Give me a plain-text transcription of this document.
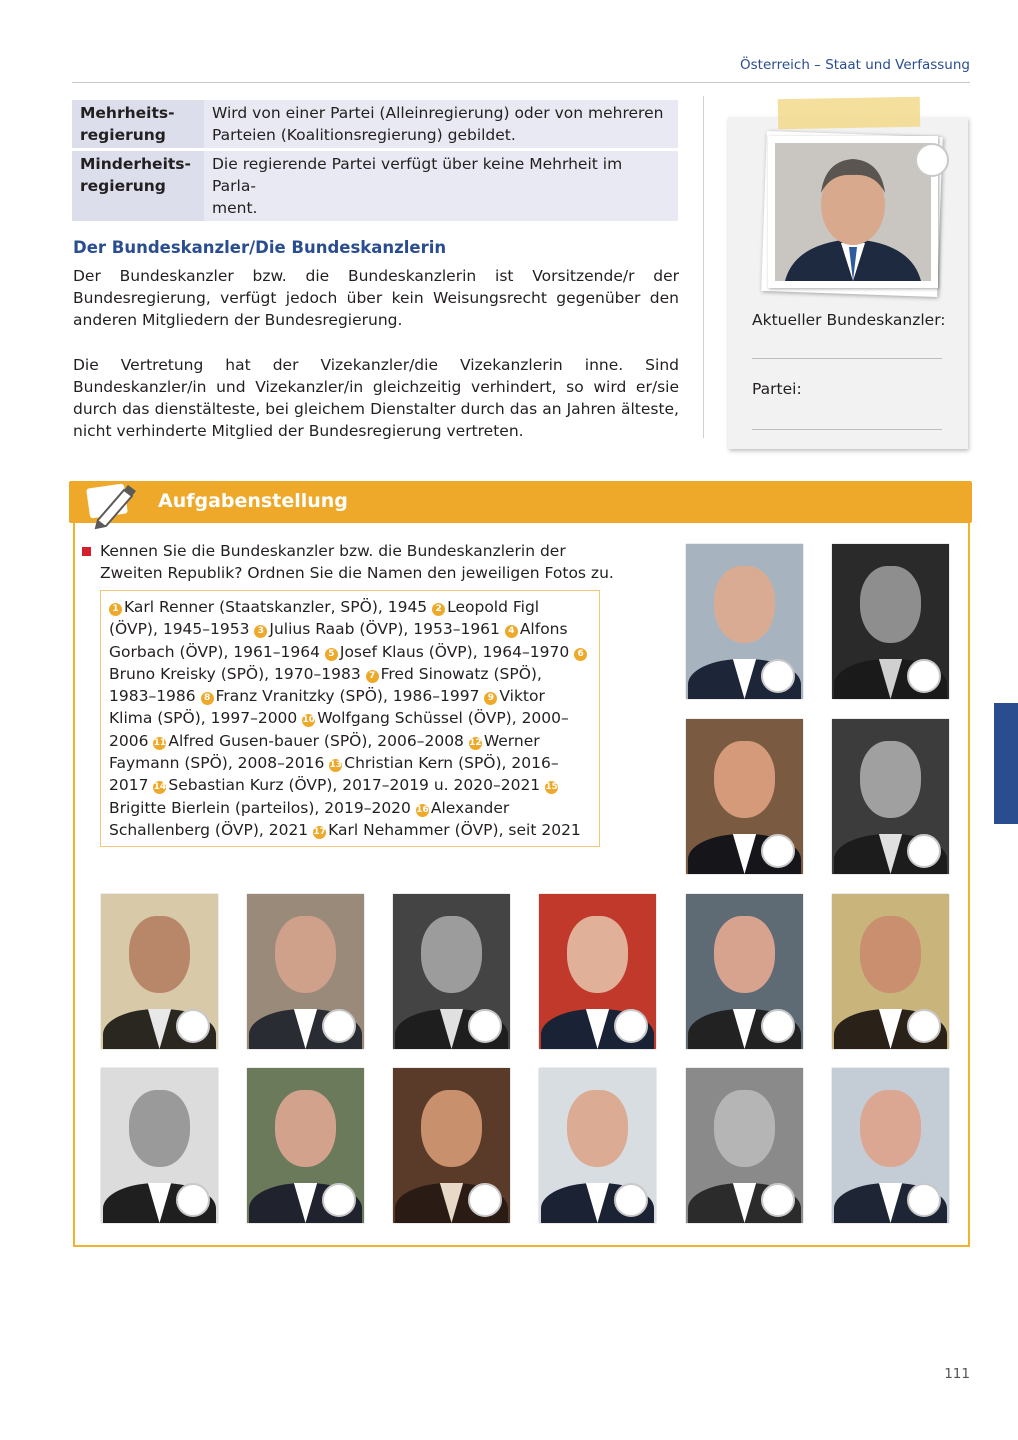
Österreich – Staat und Verfassung
Mehrheits-
regierung	Wird von einer Partei (Alleinregierung) oder von mehreren Parteien (Koalitionsregierung) gebildet.
Minderheits-
regierung	Die regierende Partei verfügt über keine Mehrheit im Parla-
ment.
Der Bundeskanzler/Die Bundeskanzlerin

Der Bundeskanzler bzw. die Bundeskanzlerin ist Vorsitzende/r der Bundesregierung, verfügt jedoch über kein Weisungsrecht gegenüber den anderen Mitgliedern der Bundesregierung.

Die Vertretung hat der Vizekanzler/die Vizekanzlerin inne. Sind Bundeskanzler/in und Vizekanzler/in gleichzeitig verhindert, so wird er/sie durch das dienstälteste, bei gleichem Dienstalter durch das an Jahren älteste, nicht verhinderte Mitglied der Bundesregierung vertreten.

Aktueller Bundeskanzler:
Partei:
Aufgabenstellung

Kennen Sie die Bundeskanzler bzw. die Bundeskanzlerin der Zweiten Republik? Ordnen Sie die Namen den jeweiligen Fotos zu.

1 Karl Renner (Staatskanzler, SPÖ), 1945 2 Leopold Figl (ÖVP), 1945–1953 3 Julius Raab (ÖVP), 1953–1961 4 Alfons Gorbach (ÖVP), 1961–1964 5 Josef Klaus (ÖVP), 1964–1970 6Bruno Kreisky (SPÖ), 1970–1983 7 Fred Sinowatz (SPÖ), 1983–1986 8 Franz Vranitzky (SPÖ), 1986–1997 9 Viktor Klima (SPÖ), 1997–2000 10 Wolfgang Schüssel (ÖVP), 2000–2006 11 Alfred Gusen-bauer (SPÖ), 2006–2008 12 Werner Faymann (SPÖ), 2008–2016 13 Christian Kern (SPÖ), 2016–2017 14 Sebastian Kurz (ÖVP), 2017–2019 u. 2020–2021 15Brigitte Bierlein (parteilos), 2019–2020 16 Alexander Schallenberg (ÖVP), 2021 17 Karl Nehammer (ÖVP), seit 2021
111
